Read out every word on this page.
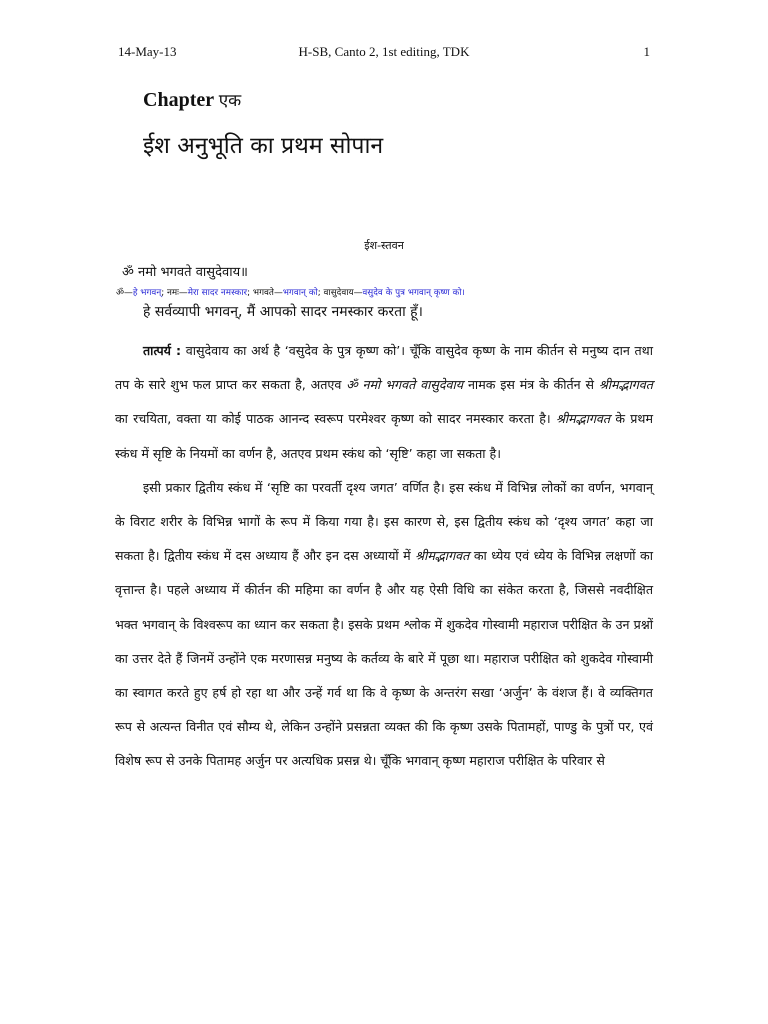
14-May-13	H-SB, Canto 2, 1st editing, TDK	1
Chapter एक
ईश अनुभूति का प्रथम सोपान
ईश-स्तवन
ॐ नमो भगवते वासुदेवाय॥
ॐ—हे भगवन्; नमः—मेरा सादर नमस्कार; भगवते—भगवान् को; वासुदेवाय—वसुदेव के पुत्र भगवान् कृष्ण को।
हे सर्वव्यापी भगवन्, मैं आपको सादर नमस्कार करता हूँ।

तात्पर्य : वासुदेवाय का अर्थ है ‘वसुदेव के पुत्र कृष्ण को’। चूँकि वासुदेव कृष्ण के नाम कीर्तन से मनुष्य दान तथा तप के सारे शुभ फल प्राप्त कर सकता है, अतएव ॐ नमो भगवते वासुदेवाय नामक इस मंत्र के कीर्तन से श्रीमद्भागवत का रचयिता, वक्ता या कोई पाठक आनन्द स्वरूप परमेश्वर कृष्ण को सादर नमस्कार करता है। श्रीमद्भागवत के प्रथम स्कंध में सृष्टि के नियमों का वर्णन है, अतएव प्रथम स्कंध को ‘सृष्टि’ कहा जा सकता है।

इसी प्रकार द्वितीय स्कंध में ‘सृष्टि का परवर्ती दृश्य जगत’ वर्णित है। इस स्कंध में विभिन्न लोकों का वर्णन, भगवान् के विराट शरीर के विभिन्न भागों के रूप में किया गया है। इस कारण से, इस द्वितीय स्कंध को ‘दृश्य जगत’ कहा जा सकता है। द्वितीय स्कंध में दस अध्याय हैं और इन दस अध्यायों में श्रीमद्भागवत का ध्येय एवं ध्येय के विभिन्न लक्षणों का वृत्तान्त है। पहले अध्याय में कीर्तन की महिमा का वर्णन है और यह ऐसी विधि का संकेत करता है, जिससे नवदीक्षित भक्त भगवान् के विश्वरूप का ध्यान कर सकता है। इसके प्रथम श्लोक में शुकदेव गोस्वामी महाराज परीक्षित के उन प्रश्नों का उत्तर देते हैं जिनमें उन्होंने एक मरणासन्न मनुष्य के कर्तव्य के बारे में पूछा था। महाराज परीक्षित को शुकदेव गोस्वामी का स्वागत करते हुए हर्ष हो रहा था और उन्हें गर्व था कि वे कृष्ण के अन्तरंग सखा ‘अर्जुन’ के वंशज हैं। वे व्यक्तिगत रूप से अत्यन्त विनीत एवं सौम्य थे, लेकिन उन्होंने प्रसन्नता व्यक्त की कि कृष्ण उसके पितामहों, पाण्डु के पुत्रों पर, एवं विशेष रूप से उनके पितामह अर्जुन पर अत्यधिक प्रसन्न थे। चूँकि भगवान् कृष्ण महाराज परीक्षित के परिवार से
